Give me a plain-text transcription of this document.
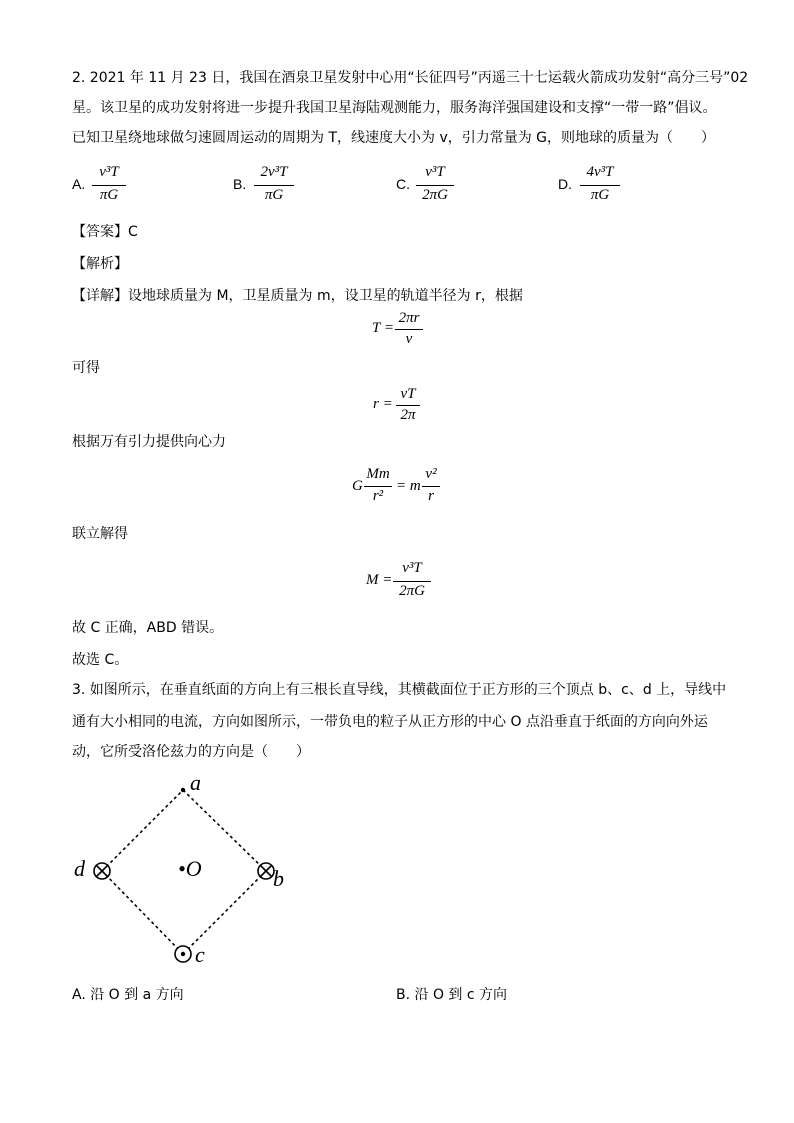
2. 2021 年 11 月 23 日，我国在酒泉卫星发射中心用“长征四号”丙遥三十七运载火箭成功发射“高分三号”02
星。该卫星的成功发射将进一步提升我国卫星海陆观测能力，服务海洋强国建设和支撑“一带一路”倡议。
已知卫星绕地球做匀速圆周运动的周期为 T，线速度大小为 v，引力常量为 G，则地球的质量为（　　）
A.
v³T
πG
B.
2v³T
πG
C.
v³T
2πG
D.
4v³T
πG
【答案】C
【解析】
【详解】设地球质量为 M，卫星质量为 m，设卫星的轨道半径为 r，根据
T =
2πr
v
可得
r =
vT
2π
根据万有引力提供向心力
G
Mm
r²
= m
v²
r
联立解得
M =
v³T
2πG
故 C 正确，ABD 错误。
故选 C。
3. 如图所示，在垂直纸面的方向上有三根长直导线，其横截面位于正方形的三个顶点 b、c、d 上，导线中
通有大小相同的电流，方向如图所示，一带负电的粒子从正方形的中心 O 点沿垂直于纸面的方向向外运
动，它所受洛伦兹力的方向是（　　）
a
b
c
d	•O
A. 沿 O 到 a 方向	B. 沿 O 到 c 方向
